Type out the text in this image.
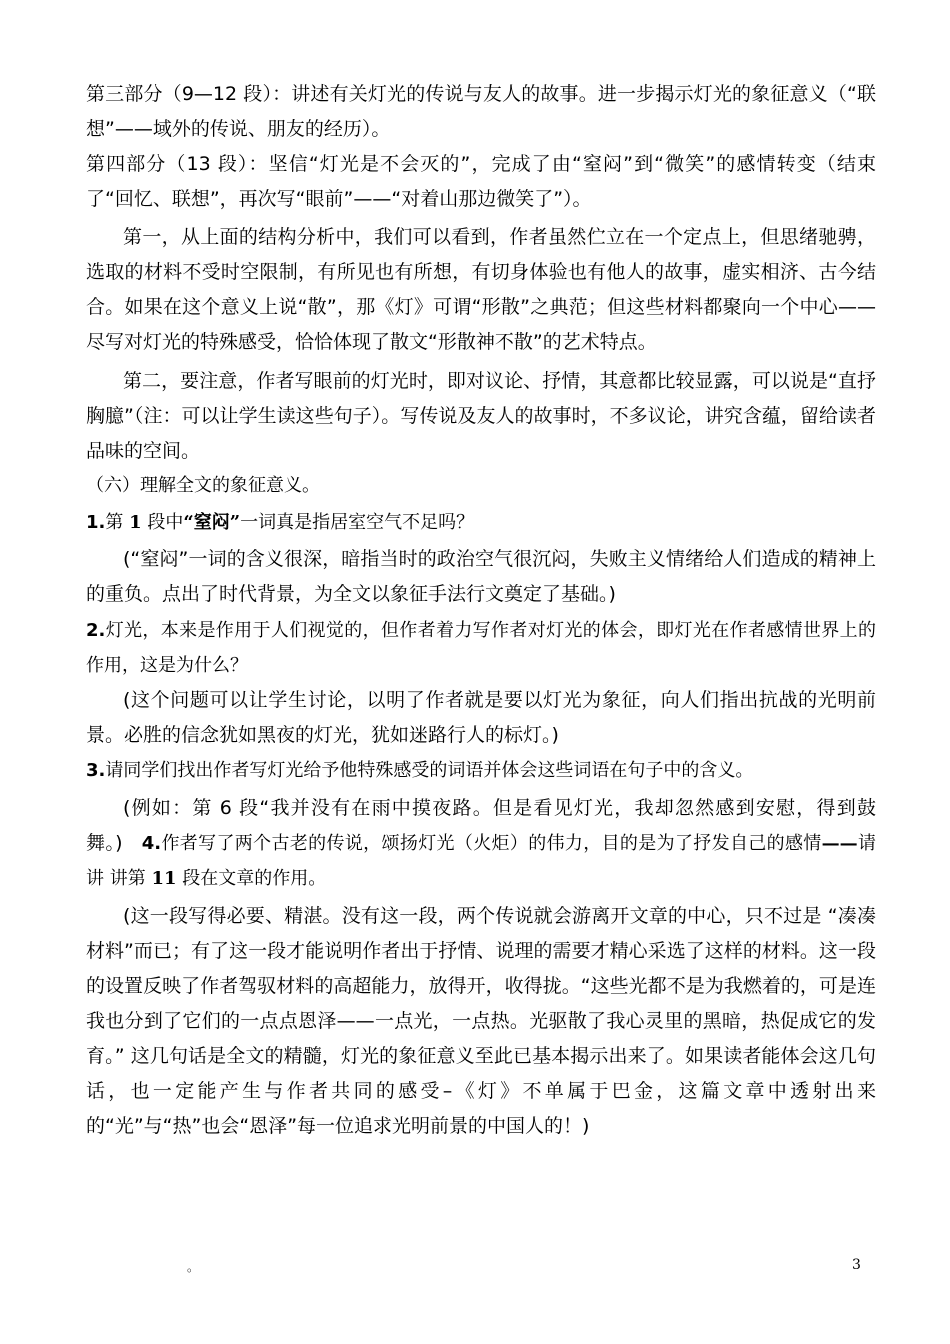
第三部分（9—12 段）：讲述有关灯光的传说与友人的故事。进一步揭示灯光的象征意义（“联想”——域外的传说、朋友的经历）。

第四部分（13 段）：坚信“灯光是不会灭的”，完成了由“窒闷”到“微笑”的感情转变（结束了“回忆、联想”，再次写“眼前”——“对着山那边微笑了”）。

第一，从上面的结构分析中，我们可以看到，作者虽然伫立在一个定点上，但思绪驰骋，选取的材料不受时空限制，有所见也有所想，有切身体验也有他人的故事，虚实相济、古今结合。如果在这个意义上说“散”，那《灯》可谓“形散”之典范；但这些材料都聚向一个中心——尽写对灯光的特殊感受，恰恰体现了散文“形散神不散”的艺术特点。

第二，要注意，作者写眼前的灯光时，即对议论、抒情，其意都比较显露，可以说是“直抒胸臆”（注：可以让学生读这些句子）。写传说及友人的故事时，不多议论，讲究含蕴，留给读者品味的空间。

（六）理解全文的象征意义。

1.第 1 段中“窒闷”一词真是指居室空气不足吗？

(“窒闷”一词的含义很深，暗指当时的政治空气很沉闷，失败主义情绪给人们造成的精神上的重负。点出了时代背景，为全文以象征手法行文奠定了基础。)

2.灯光，本来是作用于人们视觉的，但作者着力写作者对灯光的体会，即灯光在作者感情世界上的作用，这是为什么？

(这个问题可以让学生讨论，以明了作者就是要以灯光为象征，向人们指出抗战的光明前景。必胜的信念犹如黑夜的灯光，犹如迷路行人的标灯。)

3.请同学们找出作者写灯光给予他特殊感受的词语并体会这些词语在句子中的含义。

(例如：第 6 段“我并没有在雨中摸夜路。但是看见灯光，我却忽然感到安慰，得到鼓舞。) 4.作者写了两个古老的传说，颂扬灯光（火炬）的伟力，目的是为了抒发自己的感情——请讲 讲第 11 段在文章的作用。

(这一段写得必要、精湛。没有这一段，两个传说就会游离开文章的中心，只不过是 “凑凑材料”而已；有了这一段才能说明作者出于抒情、说理的需要才精心采选了这样的材料。这一段的设置反映了作者驾驭材料的高超能力，放得开，收得拢。“这些光都不是为我燃着的，可是连我也分到了它们的一点点恩泽——一点光，一点热。光驱散了我心灵里的黑暗，热促成它的发育。” 这几句话是全文的精髓，灯光的象征意义至此已基本揭示出来了。如果读者能体会这几句话，也一定能产生与作者共同的感受–《灯》不单属于巴金，这篇文章中透射出来的“光”与“热”也会“恩泽”每一位追求光明前景的中国人的！)

。	3
